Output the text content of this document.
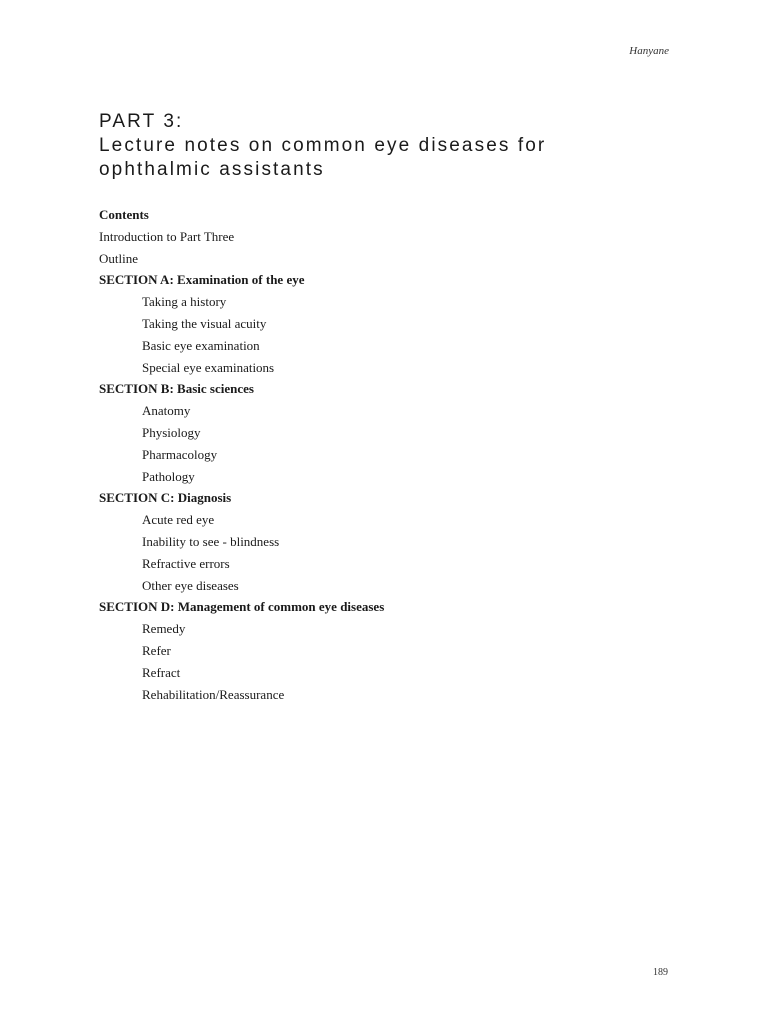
Hanyane
PART 3:
Lecture notes on common eye diseases for
ophthalmic assistants
Contents
Introduction to Part Three
Outline
SECTION A: Examination of the eye
Taking a history
Taking the visual acuity
Basic eye examination
Special eye examinations
SECTION B: Basic sciences
Anatomy
Physiology
Pharmacology
Pathology
SECTION C: Diagnosis
Acute red eye
Inability to see - blindness
Refractive errors
Other eye diseases
SECTION D: Management of common eye diseases
Remedy
Refer
Refract
Rehabilitation/Reassurance
189
